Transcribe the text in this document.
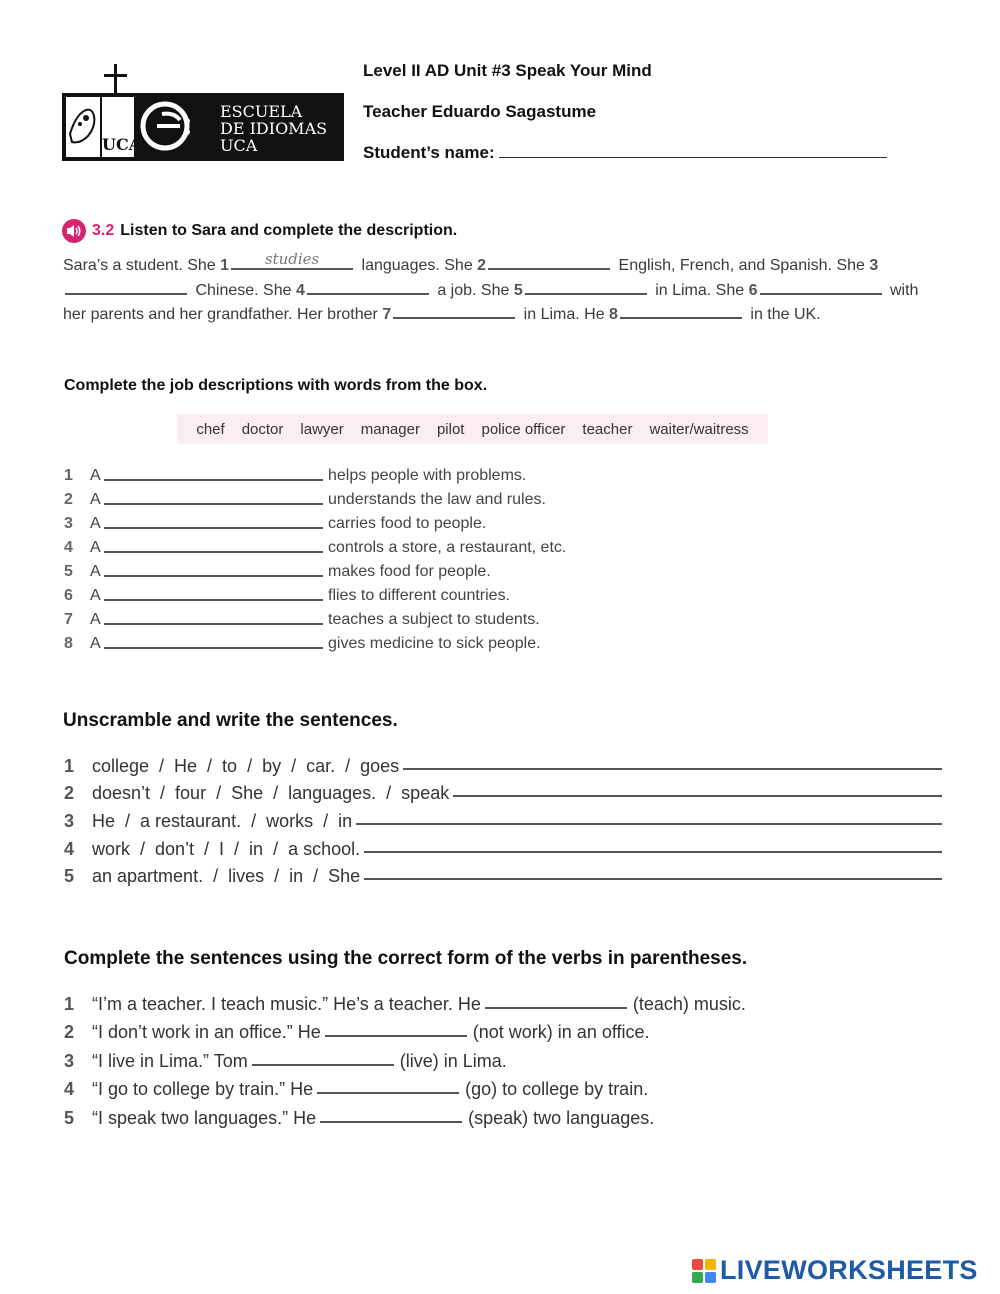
UCA
ESCUELA
DE IDIOMAS
UCA
Level II AD Unit #3 Speak Your Mind
Teacher Eduardo Sagastume
Student’s name:
3.2 Listen to Sara and complete the description.
Sara’s a student. She 1	studies	languages. She 2	English, French, and Spanish. She 3 Chinese. She 4	a job. She 5	in Lima. She 6	with her parents and her grandfather. Her brother 7	in Lima. He 8	in the UK.
Complete the job descriptions with words from the box.
chef doctor lawyer manager pilot police officer teacher waiter/waitress
1	A	helps people with problems.
2	A	understands the law and rules.
3	A	carries food to people.
4	A	controls a store, a restaurant, etc.
5	A	makes food for people.
6	A	flies to different countries.
7	A	teaches a subject to students.
8	A	gives medicine to sick people.
Unscramble and write the sentences.
1 college  /  He  /  to  /  by  /  car.  /  goes
2 doesn’t  /  four  /  She  /  languages.  /  speak
3 He  /  a restaurant.  /  works  /  in
4 work  /  don’t  /  I  /  in  /  a school.
5 an apartment.  /  lives  /  in  /  She
Complete the sentences using the correct form of the verbs in parentheses.
1 “I’m a teacher. I teach music.” He’s a teacher. He	(teach) music.
2 “I don’t work in an office.” He	(not work) in an office.
3 “I live in Lima.” Tom	(live) in Lima.
4 “I go to college by train.” He	(go) to college by train.
5 “I speak two languages.” He	(speak) two languages.
LIVEWORKSHEETS
